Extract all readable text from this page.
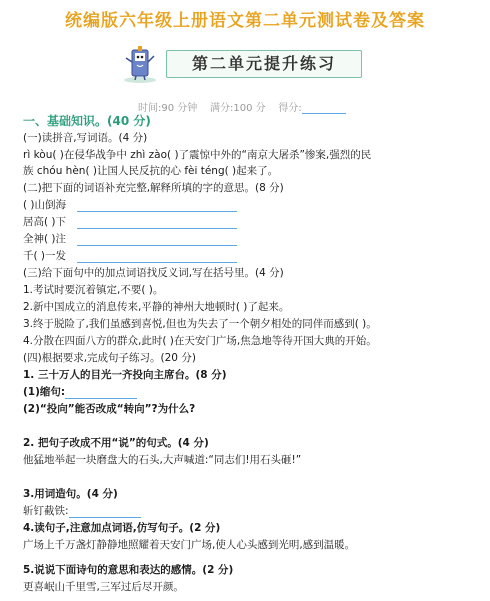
统编版六年级上册语文第二单元测试卷及答案
第二单元提升练习
时间:90 分钟 满分:100 分 得分:
一、基础知识。(40 分)
(一)读拼音,写词语。(4 分)
rì kòu( )在侵华战争中 zhì zào( )了震惊中外的“南京大屠杀”惨案,强烈的民
族 chóu hèn( )让国人民反抗的心 fèi téng( )起来了。
(二)把下面的词语补充完整,解释所填的字的意思。(8 分)
( )山倒海
居高( )下
全神( )注
千( )一发
(三)给下面句中的加点词语找反义词,写在括号里。(4 分)
1.考试时要沉着镇定,不要( )。
2.新中国成立的消息传来,平静的神州大地顿时( )了起来。
3.终于脱险了,我们虽感到喜悦,但也为失去了一个朝夕相处的同伴而感到( )。
4.分散在四面八方的群众,此时( )在天安门广场,焦急地等待开国大典的开始。
(四)根据要求,完成句子练习。(20 分)
1. 三十万人的目光一齐投向主席台。(8 分)
(1)缩句:
(2)“投向”能否改成“转向”?为什么?
2. 把句子改成不用“说”的句式。(4 分)
他猛地举起一块磨盘大的石头,大声喊道:“同志们!用石头砸!”
3.用词造句。(4 分)
斩钉截铁:
4.读句子,注意加点词语,仿写句子。(2 分)
广场上千万盏灯静静地照耀着天安门广场,使人心头感到光明,感到温暖。
5.说说下面诗句的意思和表达的感情。(2 分)
更喜岷山千里雪,三军过后尽开颜。
